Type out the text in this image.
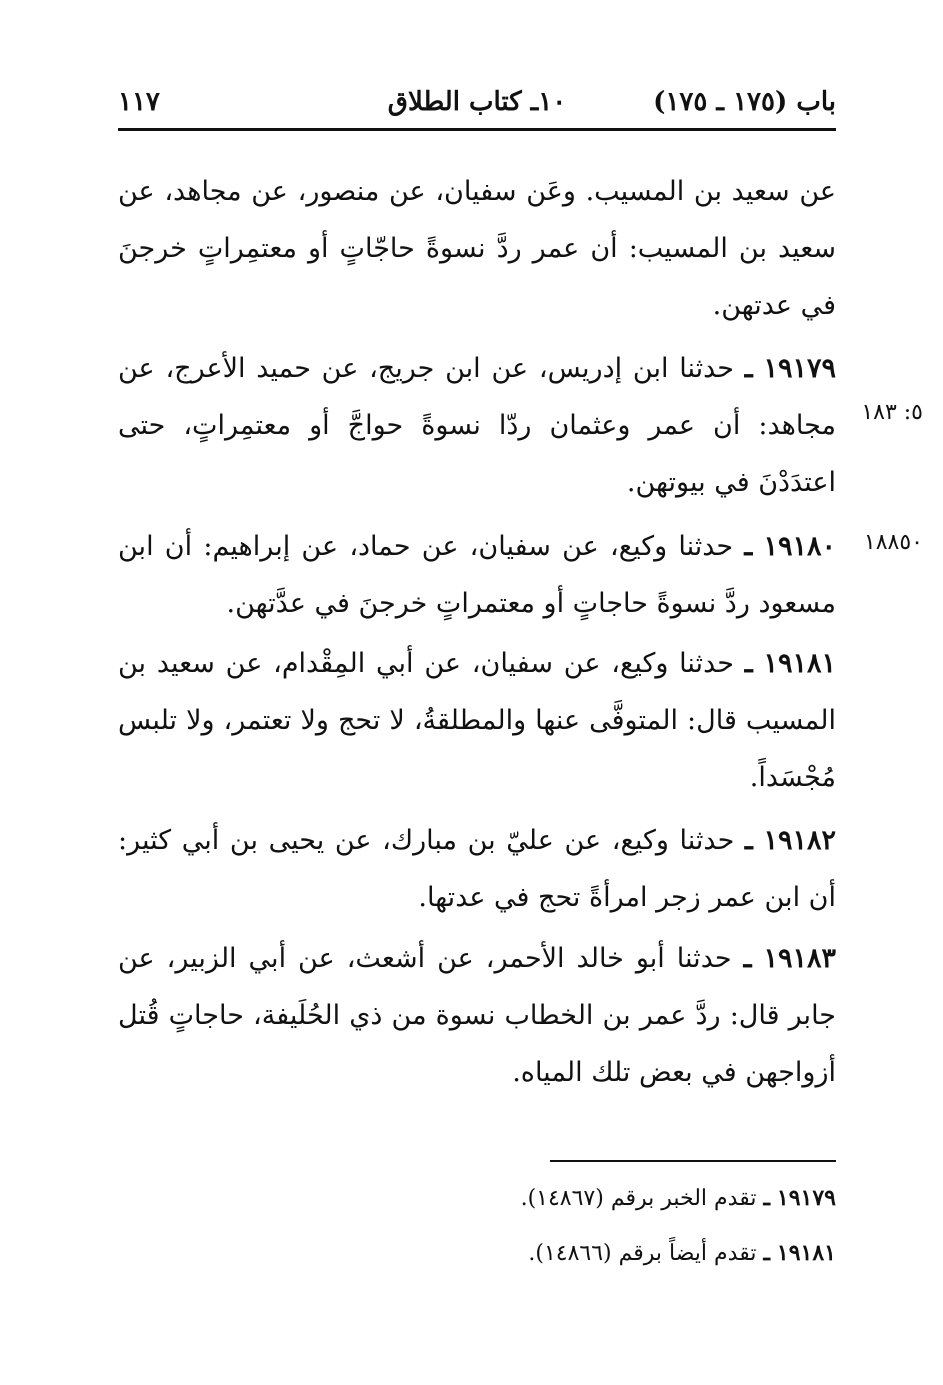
باب (١٧٥ ـ ١٧٥)
١٠ـ كتاب الطلاق
١١٧
عن سعيد بن المسيب. وعَن سفيان، عن منصور، عن مجاهد، عن سعيد بن المسيب: أن عمر ردَّ نسوةً حاجّاتٍ أو معتمِراتٍ خرجنَ في عدتهن.
١٩١٧٩ ـ حدثنا ابن إدريس، عن ابن جريج، عن حميد الأعرج، عن مجاهد: أن عمر وعثمان ردّا نسوةً حواجَّ أو معتمِراتٍ، حتى اعتدَدْنَ في بيوتهن.
١٩١٨٠ ـ حدثنا وكيع، عن سفيان، عن حماد، عن إبراهيم: أن ابن مسعود ردَّ نسوةً حاجاتٍ أو معتمراتٍ خرجنَ في عدَّتهن.
١٩١٨١ ـ حدثنا وكيع، عن سفيان، عن أبي المِقْدام، عن سعيد بن المسيب قال: المتوفَّى عنها والمطلقةُ، لا تحج ولا تعتمر، ولا تلبس مُجْسَداً.
١٩١٨٢ ـ حدثنا وكيع، عن عليّ بن مبارك، عن يحيى بن أبي كثير: أن ابن عمر زجر امرأةً تحج في عدتها.
١٩١٨٣ ـ حدثنا أبو خالد الأحمر، عن أشعث، عن أبي الزبير، عن جابر قال: ردَّ عمر بن الخطاب نسوة من ذي الحُلَيفة، حاجاتٍ قُتل أزواجهن في بعض تلك المياه.
٥: ١٨٣
١٨٨٥٠
١٩١٧٩ ـ تقدم الخبر برقم (١٤٨٦٧).
١٩١٨١ ـ تقدم أيضاً برقم (١٤٨٦٦).
